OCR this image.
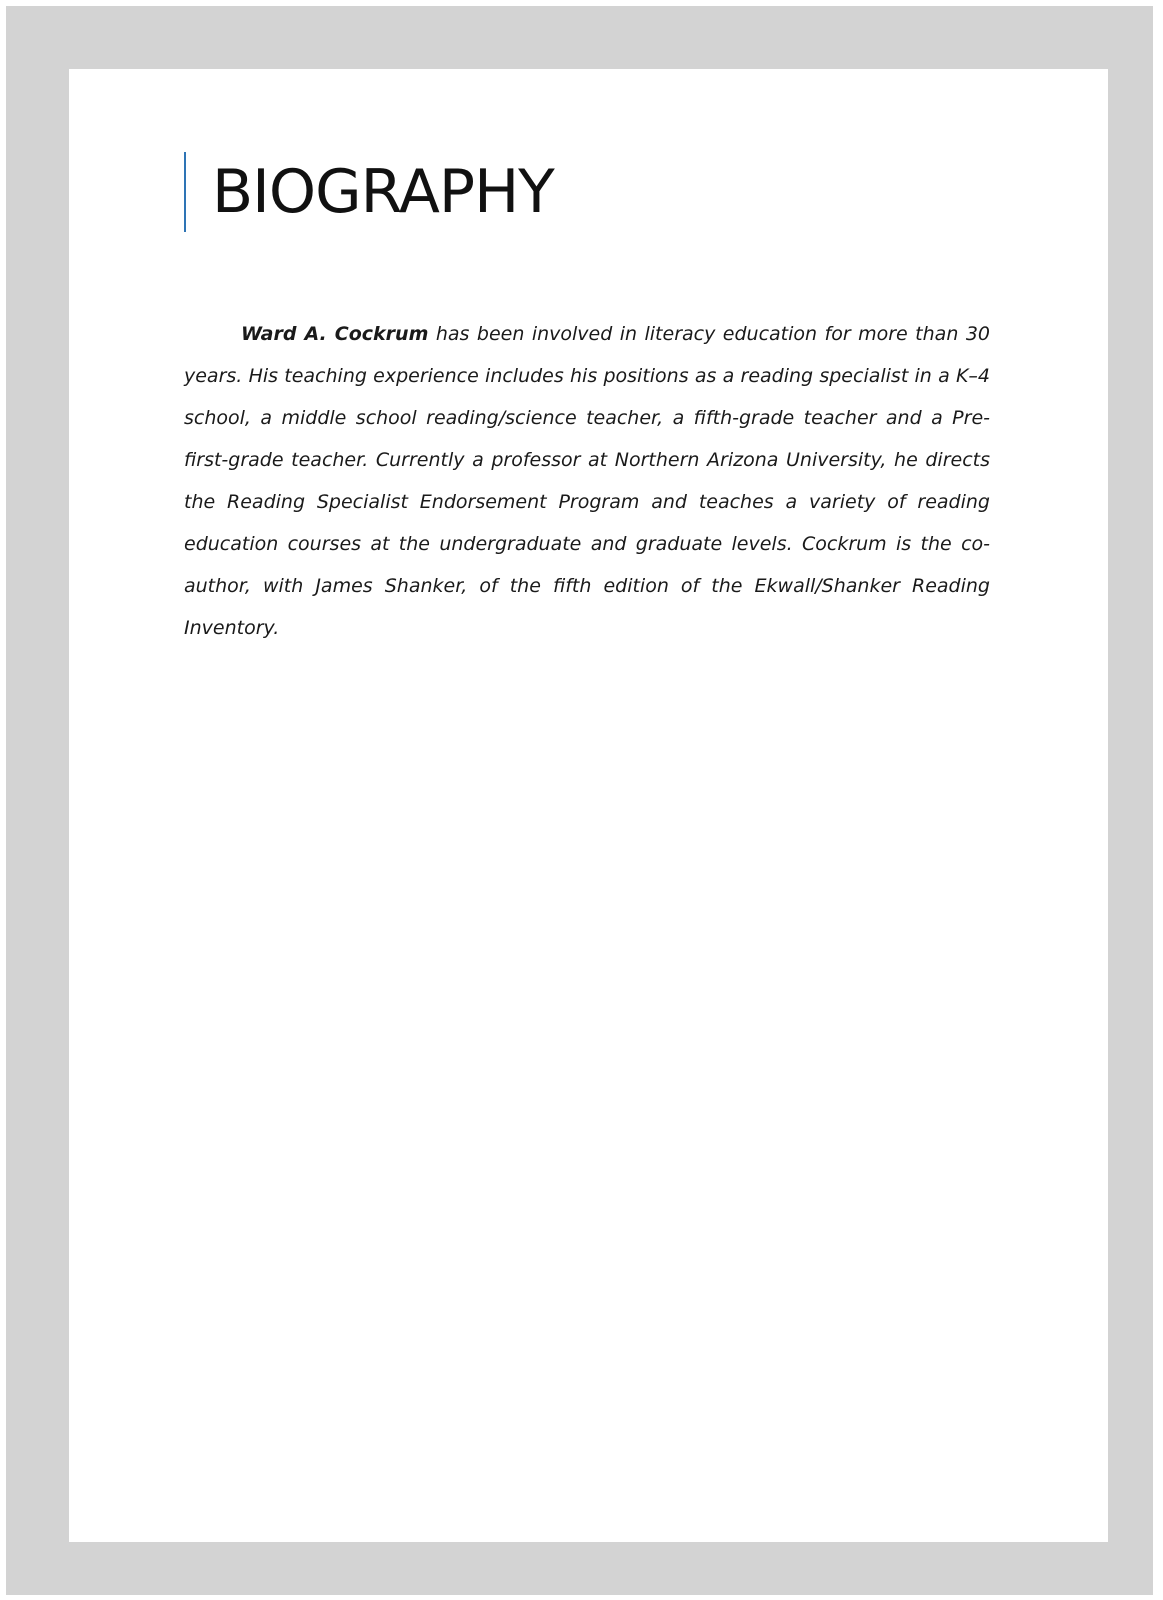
BIOGRAPHY

Ward A. Cockrum has been involved in literacy education for more than 30 years. His teaching experience includes his positions as a reading specialist in a K–4 school, a middle school reading/science teacher, a fifth-grade teacher and a Pre-first-grade teacher. Currently a professor at Northern Arizona University, he directs the Reading Specialist Endorsement Program and teaches a variety of reading education courses at the undergraduate and graduate levels. Cockrum is the co-author, with James Shanker, of the fifth edition of the Ekwall/Shanker Reading Inventory.
